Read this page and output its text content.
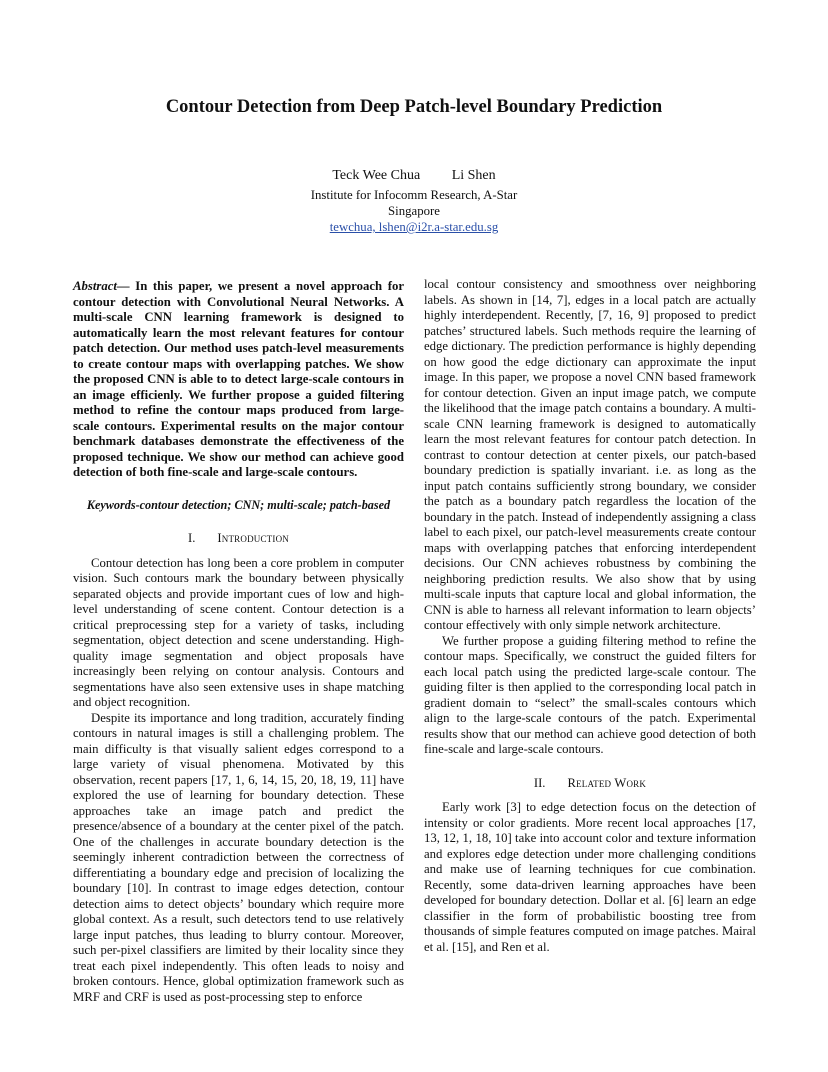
Contour Detection from Deep Patch-level Boundary Prediction
Teck Wee Chua Li Shen
Institute for Infocomm Research, A-Star
Singapore
tewchua, lshen@i2r.a-star.edu.sg

Abstract— In this paper, we present a novel approach for contour detection with Convolutional Neural Networks. A multi-scale CNN learning framework is designed to automatically learn the most relevant features for contour patch detection. Our method uses patch-level measurements to create contour maps with overlapping patches. We show the proposed CNN is able to to detect large-scale contours in an image efficienly. We further propose a guided filtering method to refine the contour maps produced from large-scale contours. Experimental results on the major contour benchmark databases demonstrate the effectiveness of the proposed technique. We show our method can achieve good detection of both fine-scale and large-scale contours.

Keywords-contour detection; CNN; multi-scale; patch-based

I. Introduction

Contour detection has long been a core problem in computer vision. Such contours mark the boundary between physically separated objects and provide important cues of low and high-level understanding of scene content. Contour detection is a critical preprocessing step for a variety of tasks, including segmentation, object detection and scene understanding. High-quality image segmentation and object proposals have increasingly been relying on contour analysis. Contours and segmentations have also seen extensive uses in shape matching and object recognition.

Despite its importance and long tradition, accurately finding contours in natural images is still a challenging problem. The main difficulty is that visually salient edges correspond to a large variety of visual phenomena. Motivated by this observation, recent papers [17, 1, 6, 14, 15, 20, 18, 19, 11] have explored the use of learning for boundary detection. These approaches take an image patch and predict the presence/absence of a boundary at the center pixel of the patch. One of the challenges in accurate boundary detection is the seemingly inherent contradiction between the correctness of differentiating a boundary edge and precision of localizing the boundary [10]. In contrast to image edges detection, contour detection aims to detect objects’ boundary which require more global context. As a result, such detectors tend to use relatively large input patches, thus leading to blurry contour. Moreover, such per-pixel classifiers are limited by their locality since they treat each pixel independently. This often leads to noisy and broken contours. Hence, global optimization framework such as MRF and CRF is used as post-processing step to enforce

local contour consistency and smoothness over neighboring labels. As shown in [14, 7], edges in a local patch are actually highly interdependent. Recently, [7, 16, 9] proposed to predict patches’ structured labels. Such methods require the learning of edge dictionary. The prediction performance is highly depending on how good the edge dictionary can approximate the input image. In this paper, we propose a novel CNN based framework for contour detection. Given an input image patch, we compute the likelihood that the image patch contains a boundary. A multi-scale CNN learning framework is designed to automatically learn the most relevant features for contour patch detection. In contrast to contour detection at center pixels, our patch-based boundary prediction is spatially invariant. i.e. as long as the input patch contains sufficiently strong boundary, we consider the patch as a boundary patch regardless the location of the boundary in the patch. Instead of independently assigning a class label to each pixel, our patch-level measurements create contour maps with overlapping patches that enforcing interdependent decisions. Our CNN achieves robustness by combining the neighboring prediction results. We also show that by using multi-scale inputs that capture local and global information, the CNN is able to harness all relevant information to learn objects’ contour effectively with only simple network architecture.

We further propose a guiding filtering method to refine the contour maps. Specifically, we construct the guided filters for each local patch using the predicted large-scale contour. The guiding filter is then applied to the corresponding local patch in gradient domain to “select” the small-scales contours which align to the large-scale contours of the patch. Experimental results show that our method can achieve good detection of both fine-scale and large-scale contours.

II. Related Work

Early work [3] to edge detection focus on the detection of intensity or color gradients. More recent local approaches [17, 13, 12, 1, 18, 10] take into account color and texture information and explores edge detection under more challenging conditions and make use of learning techniques for cue combination. Recently, some data-driven learning approaches have been developed for boundary detection. Dollar et al. [6] learn an edge classifier in the form of probabilistic boosting tree from thousands of simple features computed on image patches. Mairal et al. [15], and Ren et al.
